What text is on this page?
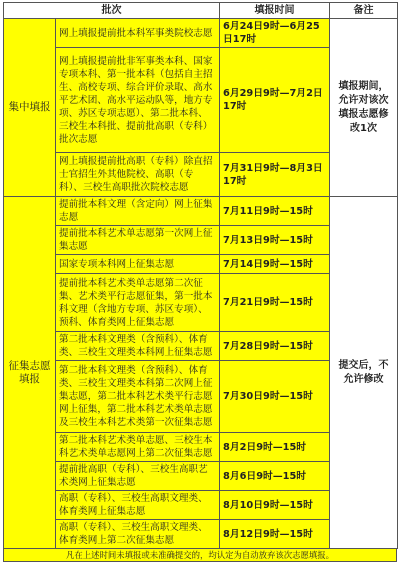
批次		填报时间	备注
集中填报	网上填报提前批本科军事类院校志愿	6月24日9时—6月25日17时	填报期间，允许对该次填报志愿修改1次
	网上填报提前批非军事类本科、国家专项本科、第一批本科（包括自主招生、高校专项、综合评价录取、高水平艺术团、高水平运动队等，地方专项、苏区专项志愿）、第二批本科、三校生本科批、提前批高职（专科）批次志愿	6月29日9时—7月2日17时	
	网上填报提前批高职（专科）除直招士官招生外其他院校、高职（专科）、三校生高职批次院校志愿	7月31日9时—8月3日17时	
征集志愿填报	提前批本科文理（含定向）网上征集志愿	7月11日9时—15时	提交后，不允许修改
	提前批本科艺术单志愿第一次网上征集志愿	7月13日9时—15时	
	国家专项本科网上征集志愿	7月14日9时—15时	
	提前批本科艺术类单志愿第二次征集、艺术类平行志愿征集，第一批本科文理（含地方专项、苏区专项）、预科、体育类网上征集志愿	7月21日9时—15时	
	第二批本科文理类（含预科）、体育类、三校生文理类本科网上征集志愿	7月28日9时—15时	
	第二批本科文理类（含预科）、体育类、三校生文理类本科第二次网上征集志愿，第二批本科艺术类平行志愿网上征集，第二批本科艺术类单志愿及三校生本科艺术类第一次征集志愿	7月30日9时—15时	
	第二批本科艺术类单志愿、三校生本科艺术类单志愿网上第二次征集志愿	8月2日9时—15时	
	提前批高职（专科）、三校生高职艺术类网上征集志愿	8月6日9时—15时	
	高职（专科）、三校生高职文理类、体育类网上征集志愿	8月10日9时—15时	
	高职（专科）、三校生高职文理类、体育类网上第二次征集志愿	8月12日9时—15时	
凡在上述时间未填报或未准确提交的，均认定为自动放弃该次志愿填报。
